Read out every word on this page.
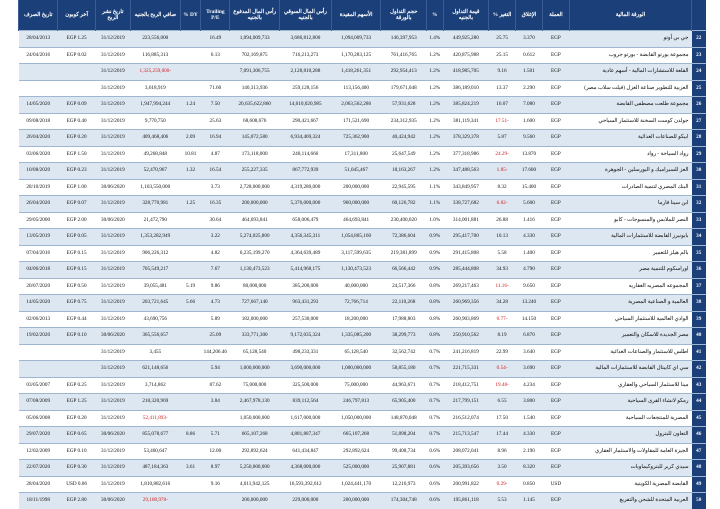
	الورقة المالية	العملة	الإغلاق	التغير %	قيمة التداول بالجنيه	%	حجم التداول بالورقة	الأسهم المقيدة	رأس المال السوقي بالجنيه	رأس المال المدفوع بالجنيه	Trailing P/E	DY %	صافي الربح بالجنيه	تاريخ نشر الربح	آخر كوبون	تاريخ الصرف
22	جي بي أوتو	EGP	3.370	25.75	449,925,280	1.4%	146,397,953	1,094,009,733	3,686,812,800	1,094,009,733	16.49		223,556,000	31/12/2019	EGP 1.25	28/04/2013
23	مجموعة بورتو القابضة - بورتو جروب	EGP	0.612	25.15	420,875,988	1.2%	761,416,765	1,170,283,125	716,213,273	702,169,875	6.13		116,885,313	31/12/2019	EGP 0.02	24/04/2016
24	القلعة للاستشارات المالية - أسهم عادية	EGP	1.501	9.16	418,985,705	1.2%	292,954,413	1,418,261,351	2,128,810,288	7,091,306,755			-1,325,259,000	31/12/2019		
25	العربية للتطوير صناعة الغزل (فيلت سلاب مصر)	EGP	2.290	13.37	386,189,010	1.2%	179,671,048	113,156,400	259,128,156	140,313,936	71.60		3,618,919	31/12/2019		
26	مجموعة طلعت مصطفى القابضة	EGP	7.080	16.07	385,824,219	1.2%	57,931,628	2,063,562,286	14,610,020,985	20,635,622,860	7.50	1.24	1,947,994,244	31/12/2019	EGP 0.09	14/05/2020
27	جولدن كوست السخنة للاستثمار السياحي	EGP	1.600	-17.51	381,119,341	1.2%	234,312,935	171,521,690	290,421,667	68,608,676	25.63		9,770,750	31/12/2019	EGP 0.40	09/08/2018
28	ابيكو للصناعات الغذائية	EGP	9.560	5.87	378,329,378	1.2%	40,424,942	725,362,900	6,934,469,324	145,072,580	16.94	2.09	409,468,406	31/12/2019	EGP 0.20	26/04/2020
29	رواد السياحة - رواد	EGP	13.870	-24.29	377,318,986	1.2%	25,647,549	17,311,800	240,114,666	173,118,000	4.87	10.81	49,268,848	31/12/2019	EGP 1.50	03/06/2020
30	العز للسيراميك و البورسلين - الجوهرة	EGP	17.600	-1.85	347,488,563	1.2%	18,163,267	51,045,467	867,772,939	255,227,335	16.54	1.32	52,470,967	31/12/2019	EGP 0.23	10/08/2020
31	البنك المصري لتنمية الصادرات	EGP	15.400	8.32	343,849,957	1.1%	22,945,595	200,000,000	4,319,280,000	2,728,000,000	3.73		1,103,550,000	30/06/2020	EGP 1.00	28/10/2019
32	ابن سينا فارما	EGP	5.600	-6.82	338,727,682	1.1%	60,126,782	960,000,000	5,376,000,000	200,000,000	16.35	1.25	328,770,981	31/12/2019	EGP 0.07	26/04/2020
33	النصر للملابس والمنسوجات - كابو	EGP	1.416	26.88	314,001,881	1.0%	230,400,020	464,693,841	658,006,479	464,693,841	30.64		21,472,790	30/06/2020	EGP 2.00	29/05/2000
34	بايونيرز القابضة للاستثمارات المالية	EGP	4.330	10.13	295,417,700	0.9%	72,386,604	1,054,805,160	4,356,345,311	5,274,025,800	3.22		1,353,282,949	31/12/2019	EGP 0.05	13/05/2019
35	بالم هيلز للتعمير	EGP	1.400	5.58	291,415,808	0.9%	219,381,899	3,117,599,635	4,364,639,489	6,235,199,270	4.82		906,226,312	31/12/2019	EGP 0.15	07/04/2016
36	اوراسكوم للتنمية مصر	EGP	4.790	34.93	285,444,808	0.9%	66,566,442	1,130,473,523	5,414,968,175	1,130,473,523	7.67		705,549,217	31/12/2019	EGP 0.15	04/06/2018
37	المجموعه المصريه العقاريه	EGP	9.650	-11.16	269,217,463	0.8%	24,517,366	40,000,000	385,200,000	80,000,000	9.86	5.19	39,055,481	31/12/2019	EGP 0.50	20/07/2020
38	العالمية و الصناعية المصرية	EGP	13.240	34.28	260,969,356	0.8%	22,110,268	72,766,714	963,431,293	727,667,140	4.73	5.66	203,721,645	31/12/2019	EGP 0.75	14/05/2020
39	الوادي العالمية للاستثمار السياحي	EGP	14.150	-0.77	260,903,869	0.8%	17,988,803	18,200,000	257,530,000	182,000,000	5.89		43,690,756	31/12/2019	EGP 0.44	02/06/2013
40	مصر الجديدة للاسكان والتعمير	EGP	6.870	8.19	250,910,562	0.8%	38,299,773	1,335,085,200	9,172,035,324	333,771,300	25.09		365,556,657	30/06/2020	EGP 0.10	19/02/2020
41	اطلس للاستثمار والصناعات الغذائية	EGP	3.640	22.99	241,216,819	0.7%	32,562,742	65,128,540	498,233,331	65,128,540	144,206.46		3,455	31/12/2019		
42	سي اي كابيتال القابضة للاستثمارات المالية	EGP	3.690	-0.54	221,715,331	0.7%	58,855,180	1,000,000,000	3,690,000,000	1,000,000,000	5.94		621,148,656	31/12/2019		
43	مينا للاستثمار السياحي والعقاري	EGP	4.234	-19.48	218,412,751	0.7%	44,963,671	75,000,000	325,500,000	75,000,000	87.62		3,714,862	31/12/2019	EGP 0.25	03/05/2007
44	رمكو لانشاء القرى السياحية	EGP	3.800	6.55	217,799,151	0.7%	65,905,400	246,797,813	839,112,564	2,467,978,130	3.84		218,320,969	31/12/2019	EGP 1.25	07/08/2009
45	المصرية للمنتجعات السياحية	EGP	1.540	17.50	216,512,074	0.7%	148,870,048	1,050,000,000	1,617,000,000	1,050,000,000			-52,411,893	31/12/2019	EGP 0.20	05/06/2008
46	التعاون للبترول	EGP	4.330	17.44	215,713,547	0.7%	51,898,204	665,107,268	4,881,887,347	665,107,268	5.71	8.86	855,078,677	30/06/2020	EGP 0.65	29/07/2020
47	الجيزة العامة للمقاولات والاستثمار العقاري	EGP	2.190	8.96	208,072,041	0.6%	99,408,734	292,892,624	641,434,847	292,892,624	12.00		53,460,647	31/12/2019	EGP 0.10	12/02/2009
48	سيدي كرير للبتروكيماويات	EGP	8.320	3.50	205,393,656	0.6%	25,907,881	525,000,000	4,368,000,000	5,250,000,000	8.97	3.61	487,184,363	31/12/2019	EGP 0.30	22/07/2020
49	القابضة المصرية الكويتية	USD	0.850	-0.29	200,991,822	0.6%	12,216,973	1,024,441,170	16,593,392,612	4,011,942,125	9.16		1,810,882,616	31/12/2019	USD 0.06	28/04/2020
50	العربية المتحدة للشحن والتفريغ	EGP	1.145	5.53	195,861,118	0.6%	174,304,748	200,000,000	229,000,000	200,000,000			-29,108,978	30/06/2020	EGP 2.80	18/11/1998
